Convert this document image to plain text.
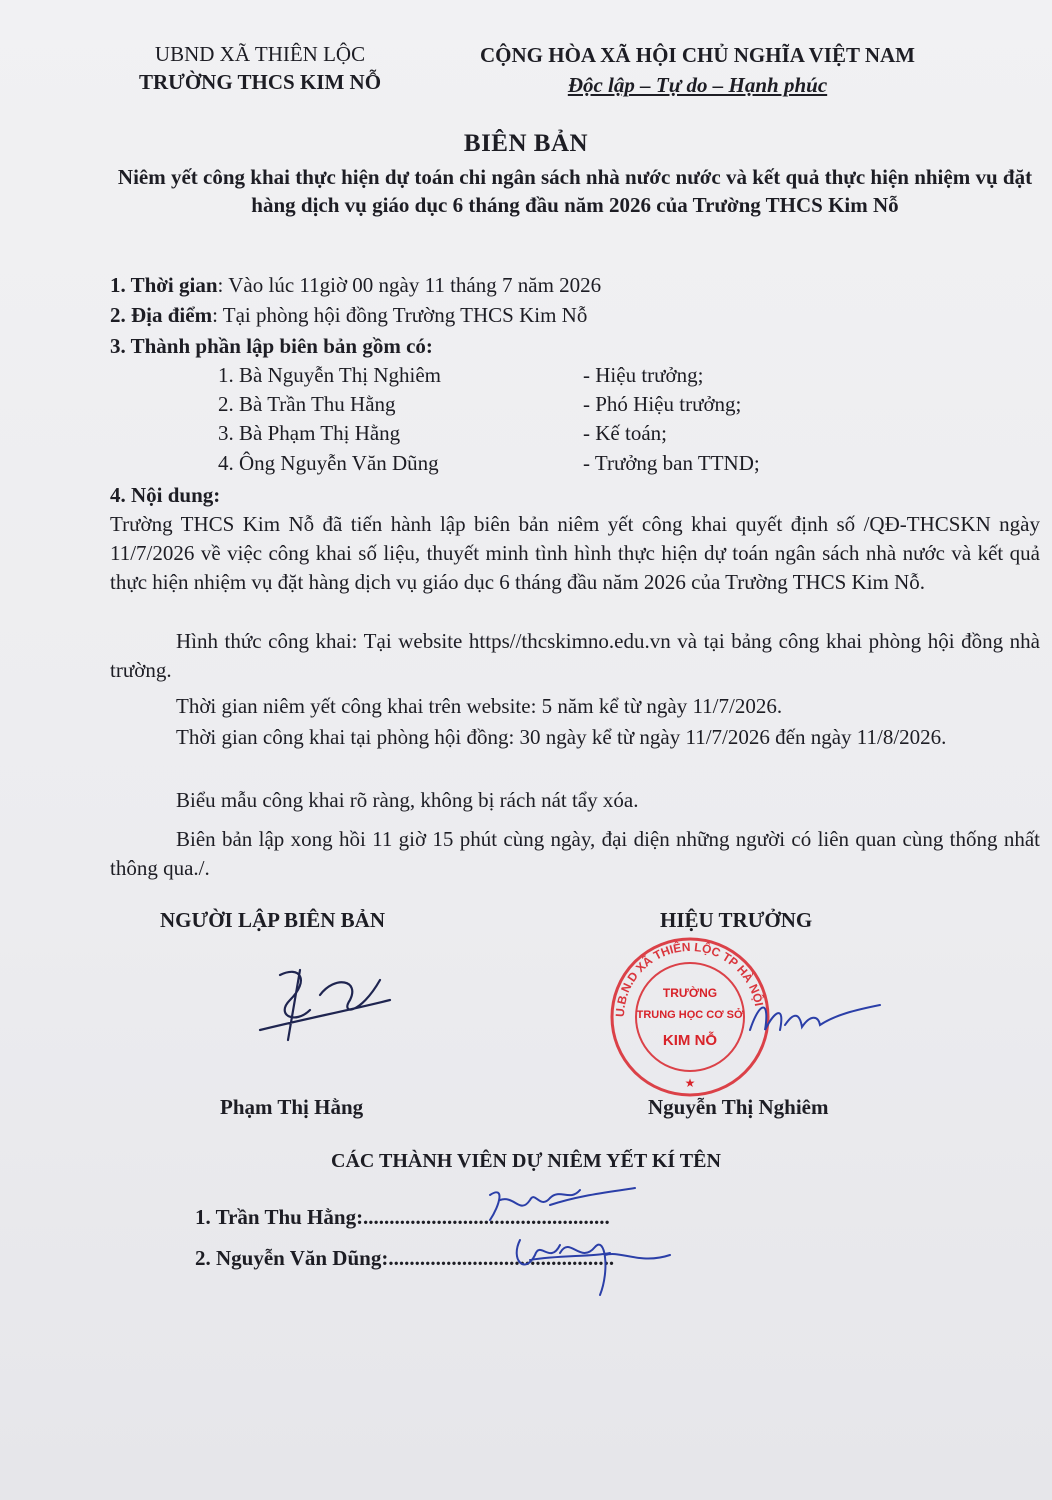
UBND XÃ THIÊN LỘC
TRƯỜNG THCS KIM NỖ
CỘNG HÒA XÃ HỘI CHỦ NGHĨA VIỆT NAM
Độc lập – Tự do – Hạnh phúc
BIÊN BẢN
Niêm yết công khai thực hiện dự toán chi ngân sách nhà nước nước và kết quả thực hiện nhiệm vụ đặt hàng dịch vụ giáo dục 6 tháng đầu năm 2026 của Trường THCS Kim Nỗ
1. Thời gian: Vào lúc 11giờ 00 ngày 11 tháng 7 năm 2026
2. Địa điểm: Tại phòng hội đồng Trường THCS Kim Nỗ
3. Thành phần lập biên bản gồm có:
1. Bà Nguyễn Thị Nghiêm	- Hiệu trưởng;
2. Bà Trần Thu Hằng	- Phó Hiệu trưởng;
3. Bà Phạm Thị Hằng	- Kế toán;
4. Ông Nguyễn Văn Dũng	- Trưởng ban TTND;
4. Nội dung:
Trường THCS Kim Nỗ đã tiến hành lập biên bản niêm yết công khai quyết định số /QĐ-THCSKN ngày 11/7/2026 về việc công khai số liệu, thuyết minh tình hình thực hiện dự toán ngân sách nhà nước và kết quả thực hiện nhiệm vụ đặt hàng dịch vụ giáo dục 6 tháng đầu năm 2026 của Trường THCS Kim Nỗ.
Hình thức công khai: Tại website https//thcskimno.edu.vn và tại bảng công khai phòng hội đồng nhà trường.
Thời gian niêm yết công khai trên website: 5 năm kể từ ngày 11/7/2026.
Thời gian công khai tại phòng hội đồng: 30 ngày kể từ ngày 11/7/2026 đến ngày 11/8/2026.
Biểu mẫu công khai rõ ràng, không bị rách nát tẩy xóa.
Biên bản lập xong hồi 11 giờ 15 phút cùng ngày, đại diện những người có liên quan cùng thống nhất thông qua./.
NGƯỜI LẬP BIÊN BẢN	HIỆU TRƯỞNG
U.B.N.D XÃ THIÊN LỘC TP HÀ NỘI
TRƯỜNG
TRUNG HỌC CƠ SỞ
KIM NỖ
★
Phạm Thị Hằng	Nguyễn Thị Nghiêm
CÁC THÀNH VIÊN DỰ NIÊM YẾT KÍ TÊN
1. Trần Thu Hằng:...............................................
2. Nguyễn Văn Dũng:...........................................
